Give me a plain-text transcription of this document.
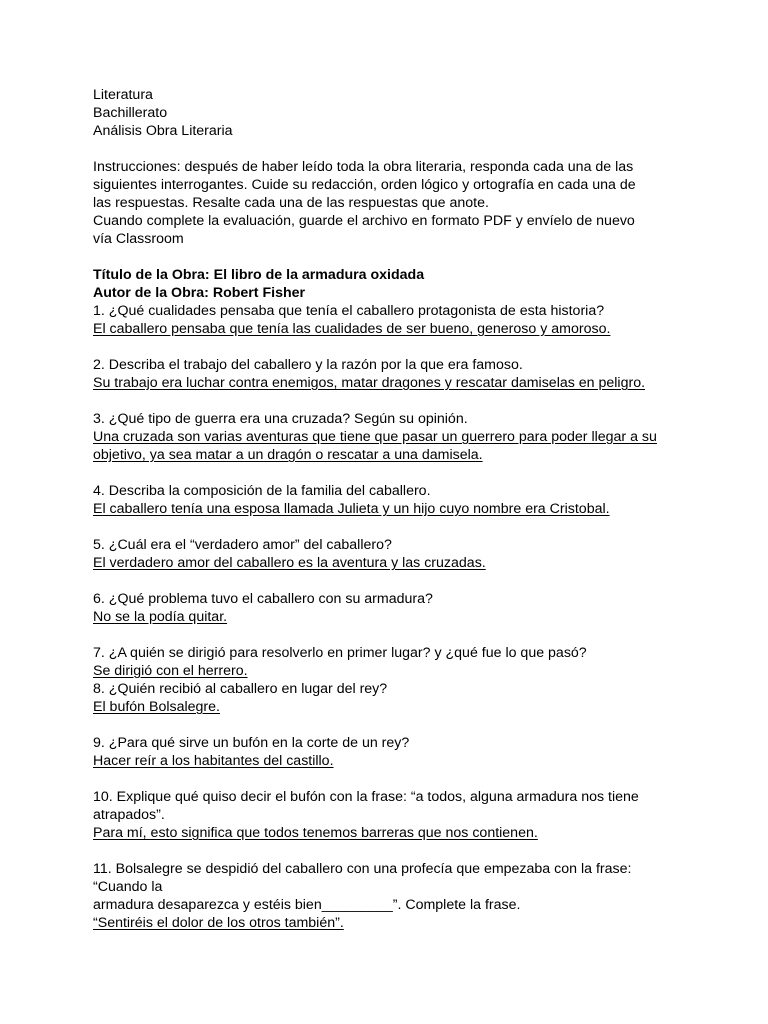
Literatura
Bachillerato
Análisis Obra Literaria
Instrucciones: después de haber leído toda la obra literaria, responda cada una de las
siguientes interrogantes. Cuide su redacción, orden lógico y ortografía en cada una de
las respuestas. Resalte cada una de las respuestas que anote.
Cuando complete la evaluación, guarde el archivo en formato PDF y envíelo de nuevo
vía Classroom
Título de la Obra: El libro de la armadura oxidada
Autor de la Obra: Robert Fisher
1. ¿Qué cualidades pensaba que tenía el caballero protagonista de esta historia?
El caballero pensaba que tenía las cualidades de ser bueno, generoso y amoroso.
2. Describa el trabajo del caballero y la razón por la que era famoso.
Su trabajo era luchar contra enemigos, matar dragones y rescatar damiselas en peligro.
3. ¿Qué tipo de guerra era una cruzada? Según su opinión.
Una cruzada son varias aventuras que tiene que pasar un guerrero para poder llegar a su
objetivo, ya sea matar a un dragón o rescatar a una damisela.
4. Describa la composición de la familia del caballero.
El caballero tenía una esposa llamada Julieta y un hijo cuyo nombre era Cristobal.
5. ¿Cuál era el “verdadero amor” del caballero?
El verdadero amor del caballero es la aventura y las cruzadas.
6. ¿Qué problema tuvo el caballero con su armadura?
No se la podía quitar.
7. ¿A quién se dirigió para resolverlo en primer lugar? y ¿qué fue lo que pasó?
Se dirigió con el herrero.
8. ¿Quién recibió al caballero en lugar del rey?
El bufón Bolsalegre.
9. ¿Para qué sirve un bufón en la corte de un rey?
Hacer reír a los habitantes del castillo.
10. Explique qué quiso decir el bufón con la frase: “a todos, alguna armadura nos tiene
atrapados”.
Para mí, esto significa que todos tenemos barreras que nos contienen.
11. Bolsalegre se despidió del caballero con una profecía que empezaba con la frase:
“Cuando la
armadura desaparezca y estéis bien_________”. Complete la frase.
“Sentiréis el dolor de los otros también”.
